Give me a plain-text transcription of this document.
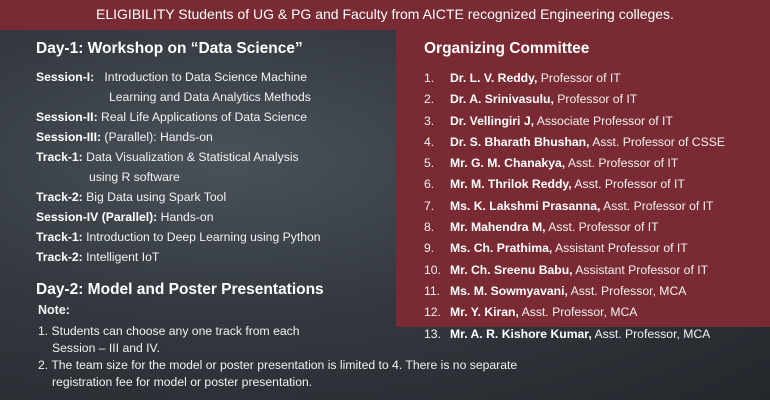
ELIGIBILITY Students of UG & PG and Faculty from AICTE recognized Engineering colleges.
Day-1: Workshop on “Data Science”
Session-I: Introduction to Data Science Machine
Learning and Data Analytics Methods
Session-II: Real Life Applications of Data Science
Session-III: (Parallel): Hands-on
Track-1: Data Visualization & Statistical Analysis
using R software
Track-2: Big Data using Spark Tool
Session-IV (Parallel): Hands-on
Track-1: Introduction to Deep Learning using Python
Track-2: Intelligent IoT
Day-2: Model and Poster Presentations
Note:
1. Students can choose any one track from each
Session – III and IV.
2. The team size for the model or poster presentation is limited to 4. There is no separate
registration fee for model or poster presentation.
Organizing Committee
1. Dr. L. V. Reddy, Professor of IT
2. Dr. A. Srinivasulu, Professor of IT
3. Dr. Vellingiri J, Associate Professor of IT
4. Dr. S. Bharath Bhushan, Asst. Professor of CSSE
5. Mr. G. M. Chanakya, Asst. Professor of IT
6. Mr. M. Thrilok Reddy, Asst. Professor of IT
7. Ms. K. Lakshmi Prasanna, Asst. Professor of IT
8. Mr. Mahendra M, Asst. Professor of IT
9. Ms. Ch. Prathima, Assistant Professor of IT
10. Mr. Ch. Sreenu Babu, Assistant Professor of IT
11. Ms. M. Sowmyavani, Asst. Professor, MCA
12. Mr. Y. Kiran, Asst. Professor, MCA
13. Mr. A. R. Kishore Kumar, Asst. Professor, MCA
